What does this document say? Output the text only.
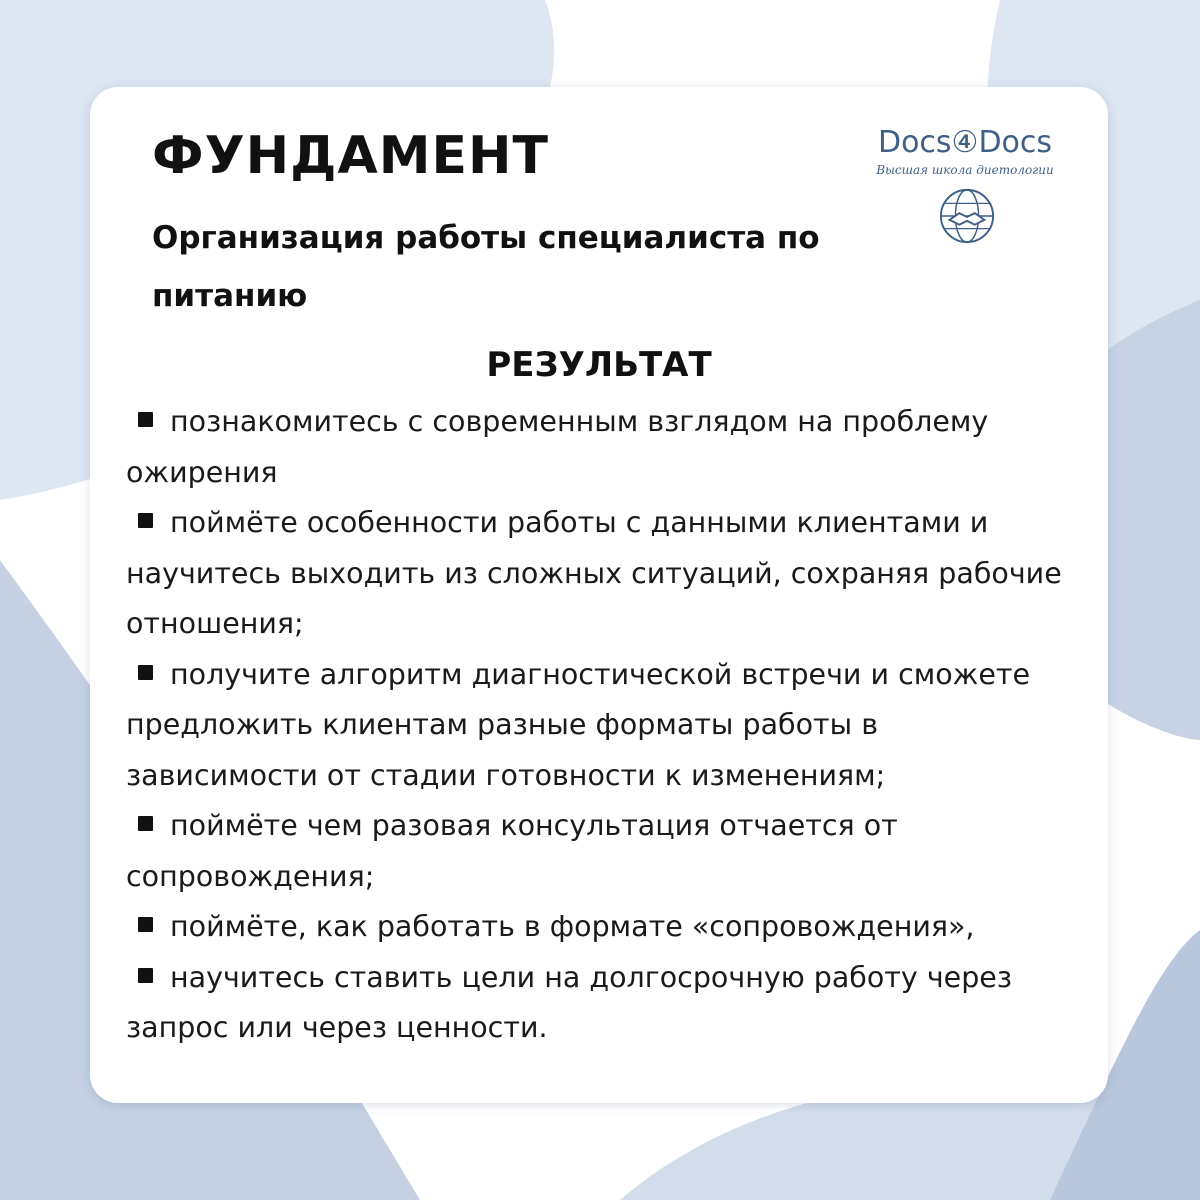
ФУНДАМЕНТ

Организация работы специалиста по питанию

Docs④Docs
Высшая школа диетологии
РЕЗУЛЬТАТ
познакомитесь с современным взглядом на проблему ожирения
поймёте особенности работы с данными клиентами и научитесь выходить из сложных ситуаций, сохраняя рабочие отношения;
получите алгоритм диагностической встречи и сможете предложить клиентам разные форматы работы в зависимости от стадии готовности к изменениям;
поймёте чем разовая консультация отчается от сопровождения;
поймёте, как работать в формате «сопровождения»,
научитесь ставить цели на долгосрочную работу через запрос или через ценности.
